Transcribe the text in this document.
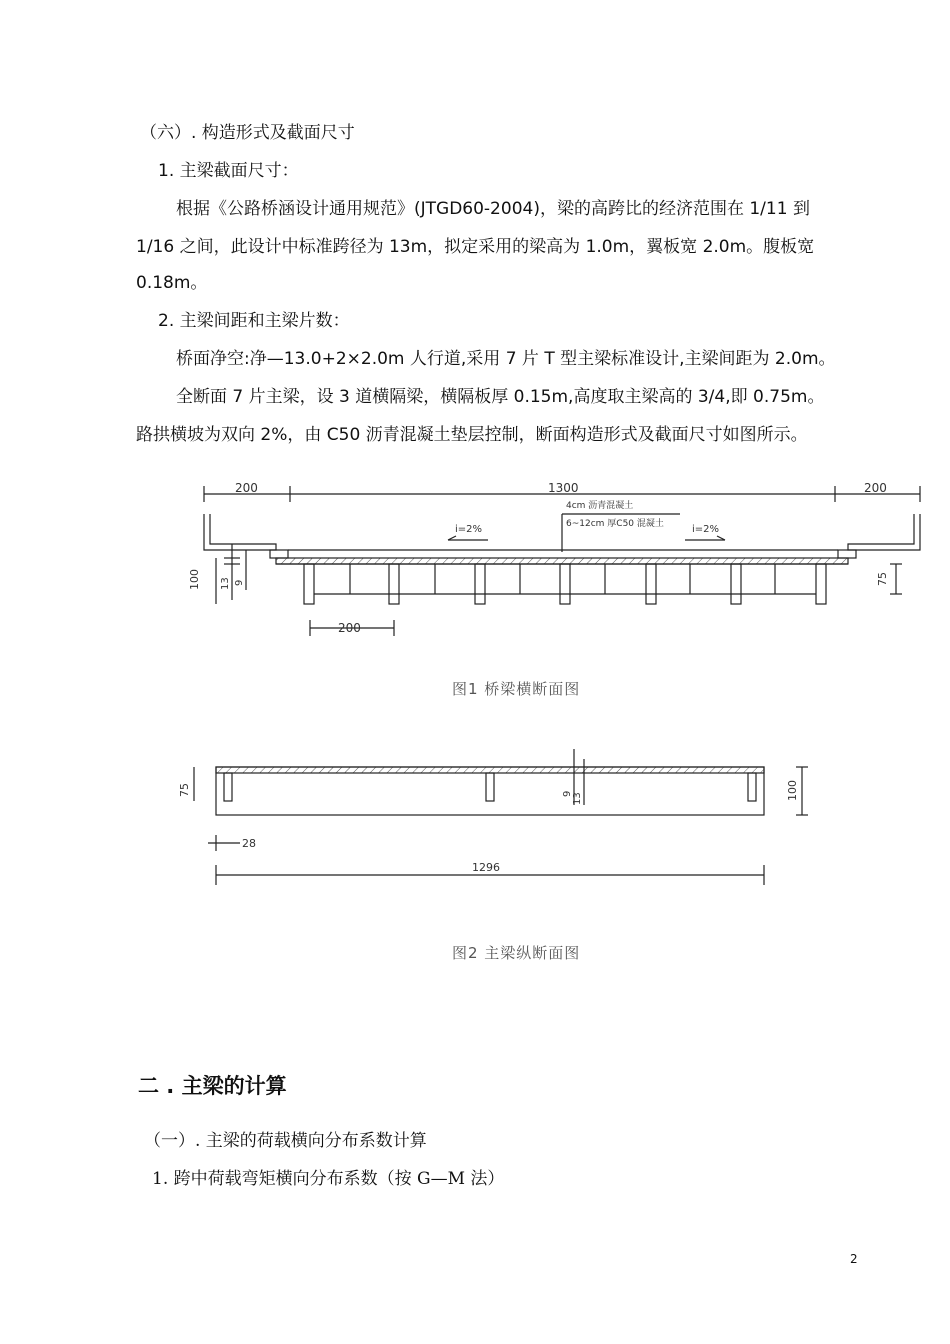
（六）. 构造形式及截面尺寸
1. 主梁截面尺寸：
根据《公路桥涵设计通用规范》(JTGD60-2004)，梁的高跨比的经济范围在 1/11 到
1/16 之间，此设计中标准跨径为 13m，拟定采用的梁高为 1.0m，翼板宽 2.0m。腹板宽
0.18m。
2. 主梁间距和主梁片数：
桥面净空:净—13.0+2×2.0m 人行道,采用 7 片 T 型主梁标准设计,主梁间距为 2.0m。
全断面 7 片主梁，设 3 道横隔梁，横隔板厚 0.15m,高度取主梁高的 3/4,即 0.75m。
路拱横坡为双向 2%，由 C50 沥青混凝土垫层控制，断面构造形式及截面尺寸如图所示。
200	1300	200
4cm 沥青混凝土
6~12cm 厚C50 混凝土
i=2%	i=2%
100 13 9	75
200
图1 桥梁横断面图
75	9 13	100
28
1296
图2 主梁纵断面图
二 . 主梁的计算
（一）. 主梁的荷载横向分布系数计算
1. 跨中荷载弯矩横向分布系数（按 G—M 法）
2
